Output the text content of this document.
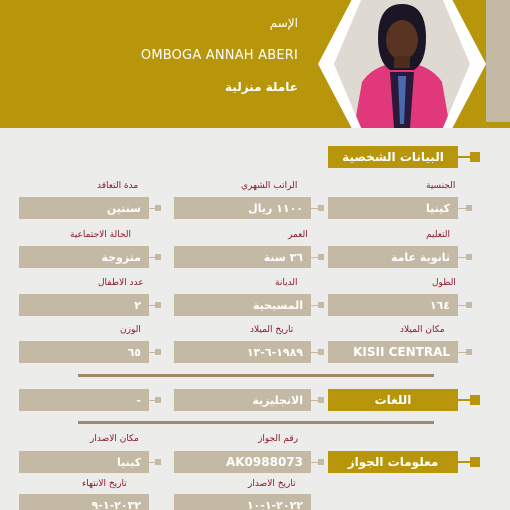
الإسم
OMBOGA ANNAH ABERI
عاملة منزلية
البيانات الشخصية
الجنسية
الراتب الشهري
مدة التعاقد
كينيا
١١٠٠ ريال
سنتين
التعليم
العمر
الحالة الاجتماعية
ثانوية عامة
٣٦ سنة
متزوجة
الطول
الديانة
عدد الاطفال
١٦٤
المسيحية
٢
مكان الميلاد
تاريخ الميلاد
الوزن
KISII CENTRAL
١٩٨٩-٦-١٣
٦٥
اللغات
الانجليزية
-
رقم الجواز
مكان الاصدار
معلومات الجواز
AK0988073
كينيا
تاريخ الاصدار
تاريخ الانتهاء
٢٠٢٢-١-١٠
٢٠٣٢-١-٩
